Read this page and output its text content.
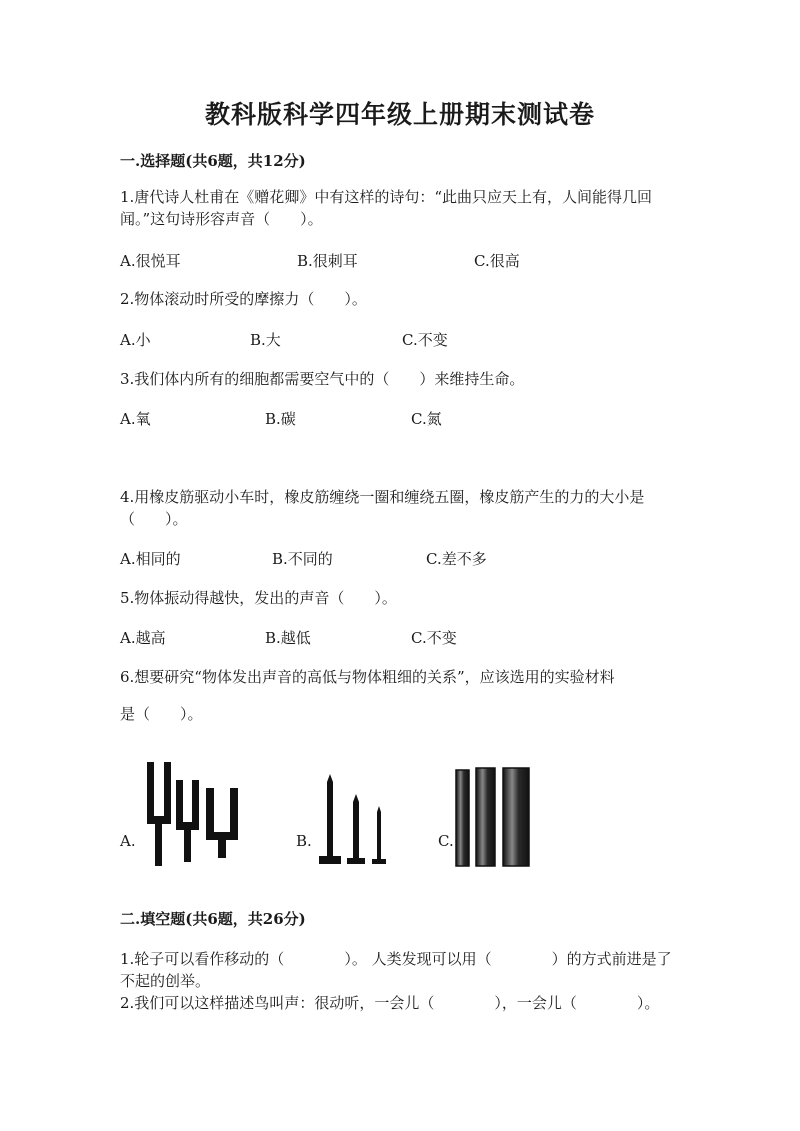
教科版科学四年级上册期末测试卷
一.选择题(共6题，共12分)
1.唐代诗人杜甫在《赠花卿》中有这样的诗句：“此曲只应天上有，人间能得几回闻。”这句诗形容声音（　　）。
A.很悦耳	B.很刺耳	C.很高
2.物体滚动时所受的摩擦力（　　）。
A.小	B.大	C.不变
3.我们体内所有的细胞都需要空气中的（　　）来维持生命。
A.氧	B.碳	C.氮
4.用橡皮筋驱动小车时，橡皮筋缠绕一圈和缠绕五圈，橡皮筋产生的力的大小是（　　）。
A.相同的	B.不同的	C.差不多
5.物体振动得越快，发出的声音（　　）。
A.越高	B.越低	C.不变
6.想要研究“物体发出声音的高低与物体粗细的关系”，应该选用的实验材料
是（　　）。
A.	B.	C.
二.填空题(共6题，共26分)
1.轮子可以看作移动的（　　　　）。 人类发现可以用（　　　　）的方式前进是了不起的创举。
2.我们可以这样描述鸟叫声：很动听，一会儿（　　　　），一会儿（　　　　）。
